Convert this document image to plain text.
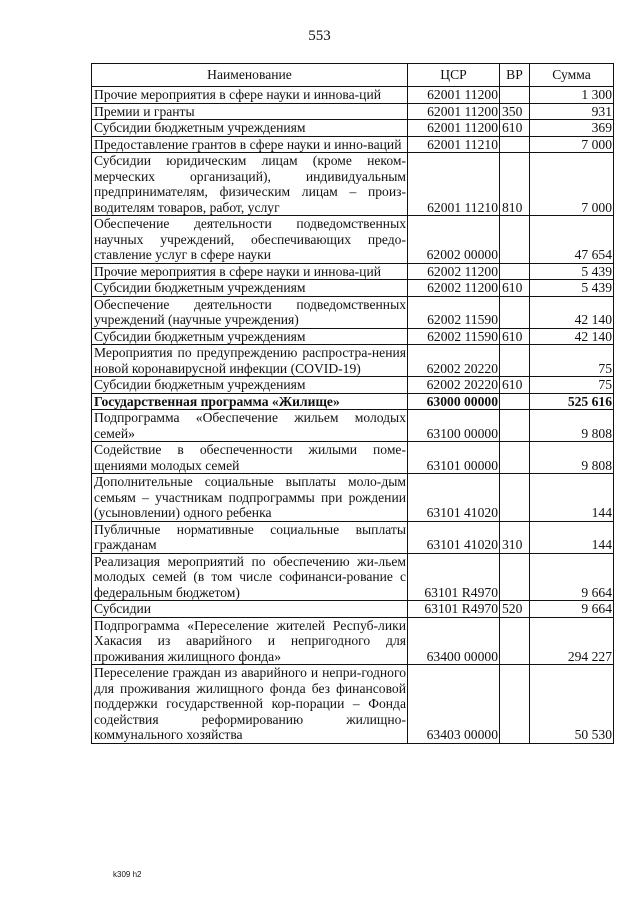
553
Наименование	ЦСР	ВР	Сумма
Прочие мероприятия в сфере науки и иннова-ций	62001 11200		1 300
Премии и гранты	62001 11200	350	931
Субсидии бюджетным учреждениям	62001 11200	610	369
Предоставление грантов в сфере науки и инно-ваций	62001 11210		7 000
Субсидии юридическим лицам (кроме неком-мерческих организаций), индивидуальным предпринимателям, физическим лицам – произ-водителям товаров, работ, услуг	62001 11210	810	7 000
Обеспечение деятельности подведомственных научных учреждений, обеспечивающих предо-ставление услуг в сфере науки	62002 00000		47 654
Прочие мероприятия в сфере науки и иннова-ций	62002 11200		5 439
Субсидии бюджетным учреждениям	62002 11200	610	5 439
Обеспечение деятельности подведомственных учреждений (научные учреждения)	62002 11590		42 140
Субсидии бюджетным учреждениям	62002 11590	610	42 140
Мероприятия по предупреждению распростра-нения новой коронавирусной инфекции (COVID-19)	62002 20220		75
Субсидии бюджетным учреждениям	62002 20220	610	75
Государственная программа «Жилище»	63000 00000		525 616
Подпрограмма «Обеспечение жильем молодых семей»	63100 00000		9 808
Содействие в обеспеченности жилыми поме-щениями молодых семей	63101 00000		9 808
Дополнительные социальные выплаты моло-дым семьям – участникам подпрограммы при рождении (усыновлении) одного ребенка	63101 41020		144
Публичные нормативные социальные выплаты гражданам	63101 41020	310	144
Реализация мероприятий по обеспечению жи-льем молодых семей (в том числе софинанси-рование с федеральным бюджетом)	63101 R4970		9 664
Субсидии	63101 R4970	520	9 664
Подпрограмма «Переселение жителей Респуб-лики Хакасия из аварийного и непригодного для проживания жилищного фонда»	63400 00000		294 227
Переселение граждан из аварийного и непри-годного для проживания жилищного фонда без финансовой поддержки государственной кор-порации – Фонда содействия реформированию жилищно-коммунального хозяйства	63403 00000		50 530
k309 h2
